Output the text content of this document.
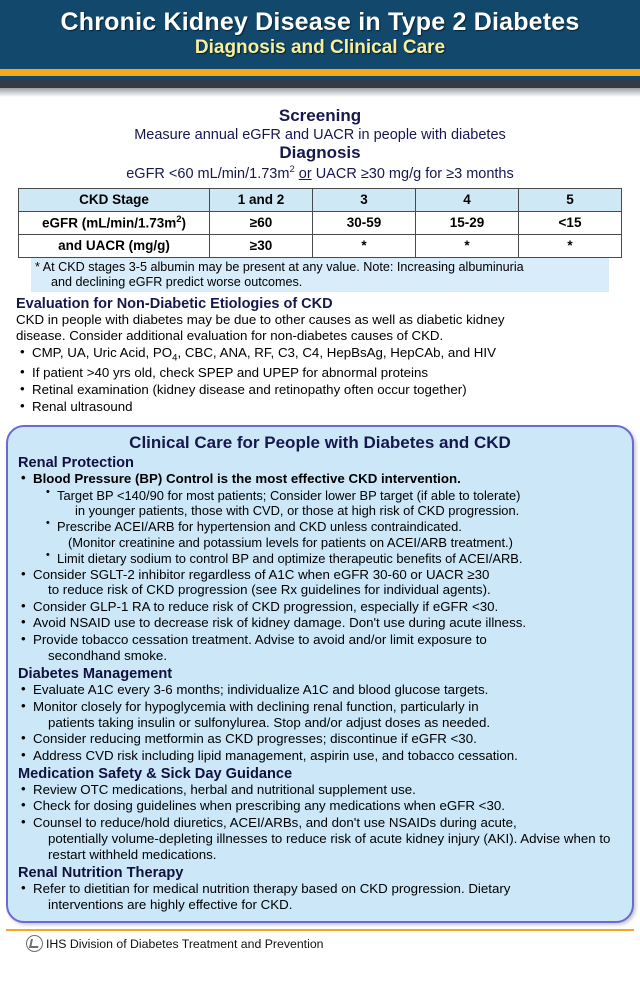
Chronic Kidney Disease in Type 2 Diabetes
Diagnosis and Clinical Care
Screening
Measure annual eGFR and UACR in people with diabetes
Diagnosis
eGFR <60 $mL/\min/1.73m^2$ or UACR ≥30 mg/g for ≥3 months
CKD Stage	1 and 2	3	4	5
eGFR $(mL/\min/1.73m^2)$	≥60	30-59	15-29	<15
and UACR (mg/g)	≥30	*	*	*
* At CKD stages 3-5 albumin may be present at any value. Note: Increasing albuminuria
and declining eGFR predict worse outcomes.
Evaluation for Non-Diabetic Etiologies of CKD
CKD in people with diabetes may be due to other causes as well as diabetic kidney
disease. Consider additional evaluation for non-diabetes causes of CKD.
• CMP, UA, Uric Acid, $PO_4$, CBC, ANA, RF, C3, C4, HepBsAg, HepCAb, and HIV
• If patient >40 yrs old, check SPEP and UPEP for abnormal proteins
• Retinal examination (kidney disease and retinopathy often occur together)
• Renal ultrasound
Clinical Care for People with Diabetes and CKD
Renal Protection
• Blood Pressure (BP) Control is the most effective CKD intervention.
• Target BP <140/90 for most patients; Consider lower BP target (if able to tolerate)
in younger patients, those with CVD, or those at high risk of CKD progression.
• Prescribe ACEI/ARB for hypertension and CKD unless contraindicated.
(Monitor creatinine and potassium levels for patients on ACEI/ARB treatment.)
• Limit dietary sodium to control BP and optimize therapeutic benefits of ACEI/ARB.
• Consider SGLT-2 inhibitor regardless of A1C when eGFR 30-60 or UACR ≥30
to reduce risk of CKD progression (see Rx guidelines for individual agents).
• Consider GLP-1 RA to reduce risk of CKD progression, especially if eGFR <30.
• Avoid NSAID use to decrease risk of kidney damage. Don't use during acute illness.
• Provide tobacco cessation treatment. Advise to avoid and/or limit exposure to
secondhand smoke.
Diabetes Management
• Evaluate A1C every 3-6 months; individualize A1C and blood glucose targets.
• Monitor closely for hypoglycemia with declining renal function, particularly in
patients taking insulin or sulfonylurea. Stop and/or adjust doses as needed.
• Consider reducing metformin as CKD progresses; discontinue if eGFR <30.
• Address CVD risk including lipid management, aspirin use, and tobacco cessation.
Medication Safety & Sick Day Guidance
• Review OTC medications, herbal and nutritional supplement use.
• Check for dosing guidelines when prescribing any medications when eGFR <30.
• Counsel to reduce/hold diuretics, ACEI/ARBs, and don't use NSAIDs during acute,
potentially volume-depleting illnesses to reduce risk of acute kidney injury (AKI). Advise when to restart withheld medications.
Renal Nutrition Therapy
• Refer to dietitian for medical nutrition therapy based on CKD progression. Dietary
interventions are highly effective for CKD.
IHS Division of Diabetes Treatment and Prevention
